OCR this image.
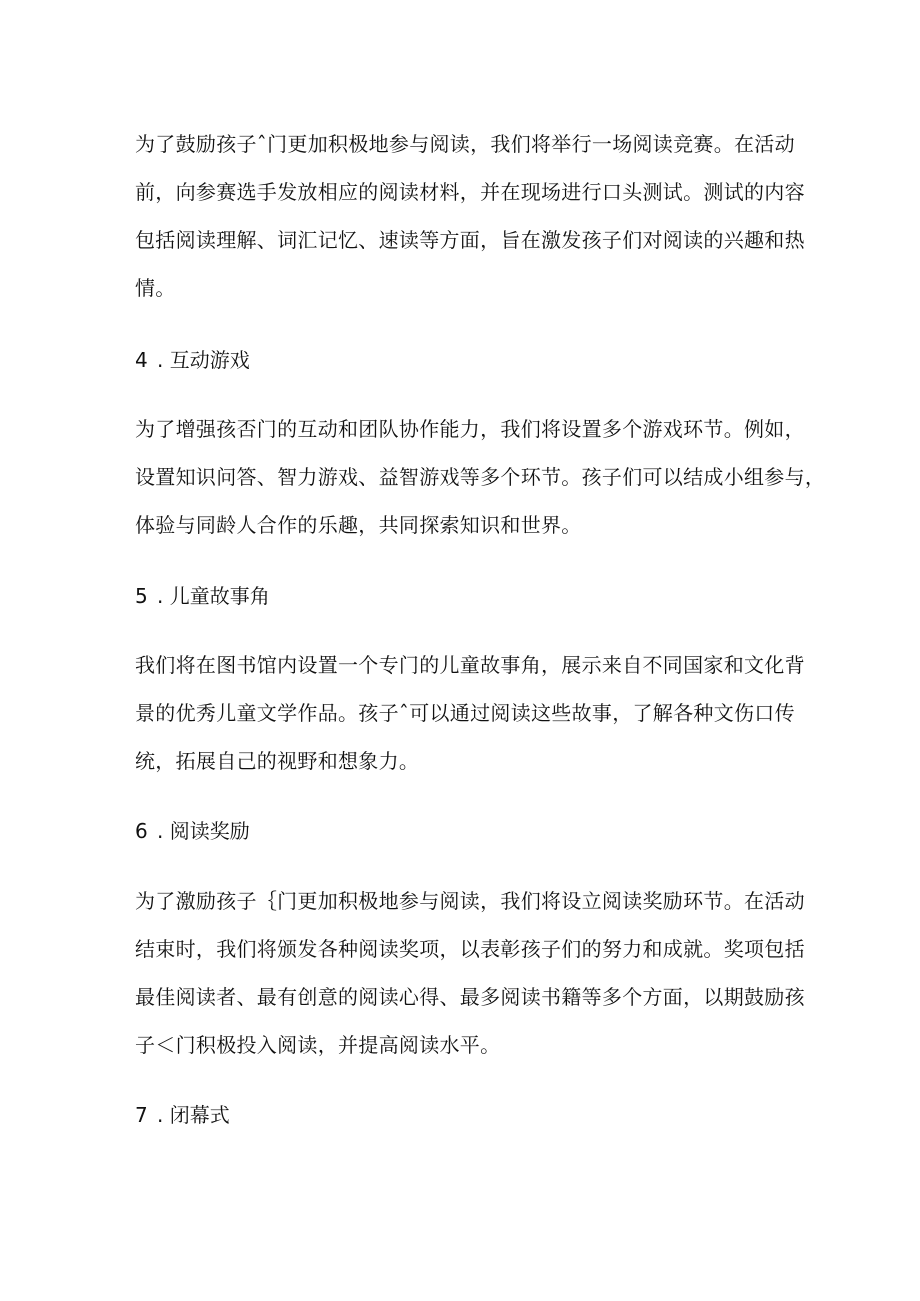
为了鼓励孩子ˆ门更加积极地参与阅读，我们将举行一场阅读竞赛。在活动
前，向参赛选手发放相应的阅读材料，并在现场进行口头测试。测试的内容
包括阅读理解、词汇记忆、速读等方面，旨在激发孩子们对阅读的兴趣和热
情。

4 . 互动游戏

为了增强孩否门的互动和团队协作能力，我们将设置多个游戏环节。例如，
设置知识问答、智力游戏、益智游戏等多个环节。孩子们可以结成小组参与，
体验与同龄人合作的乐趣，共同探索知识和世界。

5 . 儿童故事角

我们将在图书馆内设置一个专门的儿童故事角，展示来自不同国家和文化背
景的优秀儿童文学作品。孩子ˆ可以通过阅读这些故事，了解各种文伤口传
统，拓展自己的视野和想象力。

6 . 阅读奖励

为了激励孩子｛门更加积极地参与阅读，我们将设立阅读奖励环节。在活动
结束时，我们将颁发各种阅读奖项，以表彰孩子们的努力和成就。奖项包括
最佳阅读者、最有创意的阅读心得、最多阅读书籍等多个方面，以期鼓励孩
子＜门积极投入阅读，并提高阅读水平。

7 . 闭幕式
